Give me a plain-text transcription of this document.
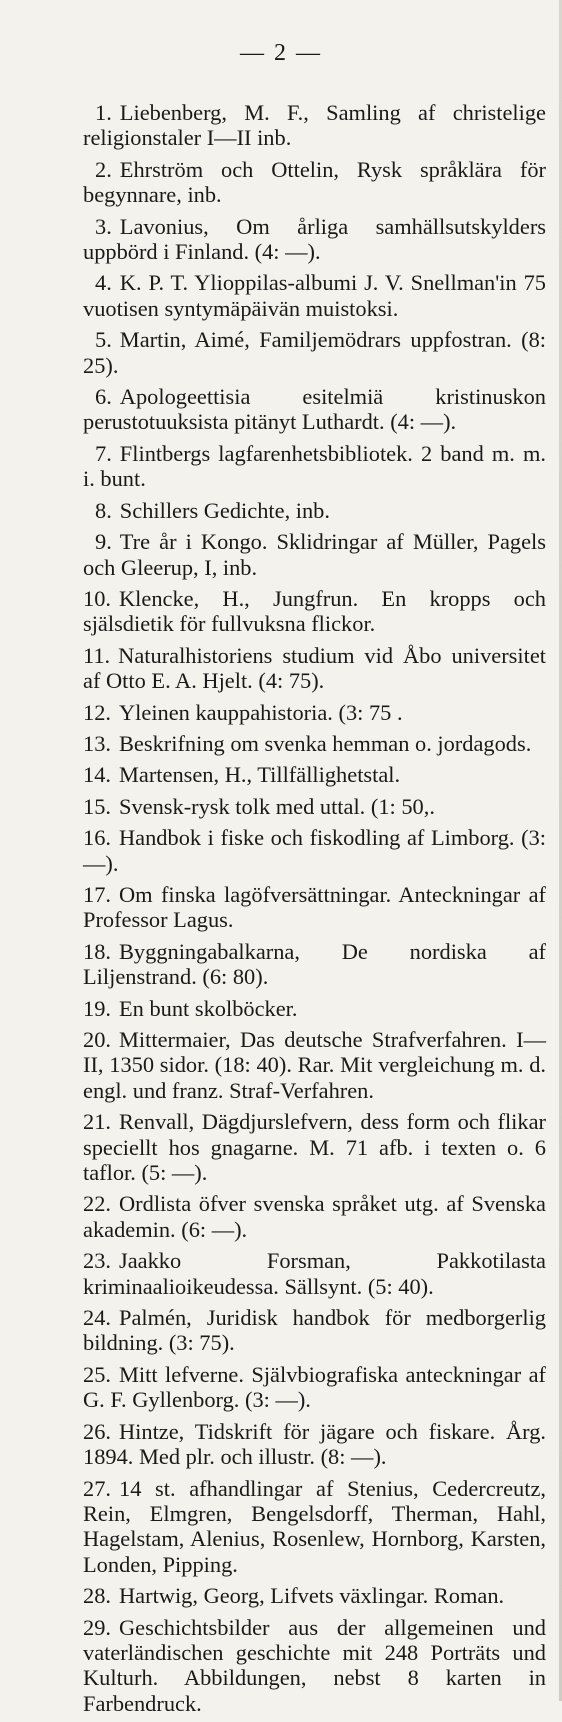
— 2 —

1. Liebenberg, M. F., Samling af christelige religionstaler I—II inb.

2. Ehrström och Ottelin, Rysk språklära för begynnare, inb.

3. Lavonius, Om årliga samhällsutskylders uppbörd i Finland. (4: —).

4. K. P. T. Ylioppilas-albumi J. V. Snellman'in 75 vuotisen syntymäpäivän muistoksi.

5. Martin, Aimé, Familjemödrars uppfostran. (8: 25).

6. Apologeettisia esitelmiä kristinuskon perustotuuksista pitänyt Luthardt. (4: —).

7. Flintbergs lagfarenhetsbibliotek. 2 band m. m. i. bunt.

8. Schillers Gedichte, inb.

9. Tre år i Kongo. Sklidringar af Müller, Pagels och Gleerup, I, inb.

10. Klencke, H., Jungfrun. En kropps och själsdietik för fullvuksna flickor.

11. Naturalhistoriens studium vid Åbo universitet af Otto E. A. Hjelt. (4: 75).

12. Yleinen kauppahistoria. (3: 75 .

13. Beskrifning om svenka hemman o. jordagods.

14. Martensen, H., Tillfällighetstal.

15. Svensk-rysk tolk med uttal. (1: 50,.

16. Handbok i fiske och fiskodling af Limborg. (3: —).

17. Om finska lagöfversättningar. Anteckningar af Professor Lagus.

18. Byggningabalkarna, De nordiska af Liljenstrand. (6: 80).

19. En bunt skolböcker.

20. Mittermaier, Das deutsche Strafverfahren. I—II, 1350 sidor. (18: 40). Rar. Mit vergleichung m. d. engl. und franz. Straf-Verfahren.

21. Renvall, Dägdjurslefvern, dess form och flikar speciellt hos gnagarne. M. 71 afb. i texten o. 6 taflor. (5: —).

22. Ordlista öfver svenska språket utg. af Svenska akademin. (6: —).

23. Jaakko Forsman, Pakkotilasta kriminaalioikeudessa. Sällsynt. (5: 40).

24. Palmén, Juridisk handbok för medborgerlig bildning. (3: 75).

25. Mitt lefverne. Självbiografiska anteckningar af G. F. Gyllenborg. (3: —).

26. Hintze, Tidskrift för jägare och fiskare. Årg. 1894. Med plr. och illustr. (8: —).

27. 14 st. afhandlingar af Stenius, Cedercreutz, Rein, Elmgren, Bengelsdorff, Therman, Hahl, Hagelstam, Alenius, Rosenlew, Hornborg, Karsten, Londen, Pipping.

28. Hartwig, Georg, Lifvets växlingar. Roman.

29. Geschichtsbilder aus der allgemeinen und vaterländischen geschichte mit 248 Porträts und Kulturh. Abbildungen, nebst 8 karten in Farbendruck.
